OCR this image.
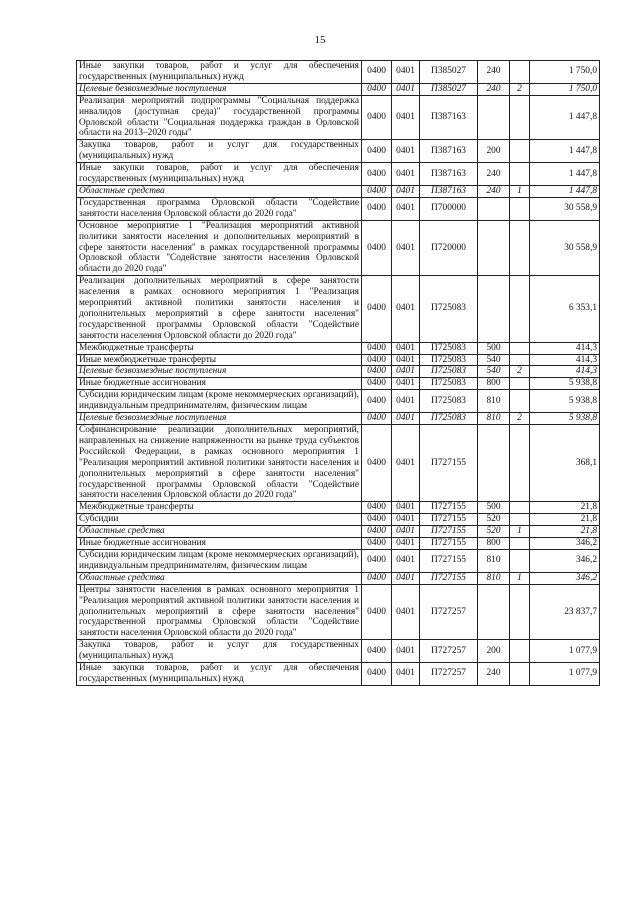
15
Иные закупки товаров, работ и услуг для обеспечения государственных (муниципальных) нужд	0400	0401	П385027	240		1 750,0
Целевые безвозмездные поступления	0400	0401	П385027	240	2	1 750,0
Реализация мероприятий подпрограммы "Социальная поддержка инвалидов (доступная среда)" государственной программы Орловской области "Социальная поддержка граждан в Орловской области на 2013–2020 годы"	0400	0401	П387163			1 447,8
Закупка товаров, работ и услуг для государственных (муниципальных) нужд	0400	0401	П387163	200		1 447,8
Иные закупки товаров, работ и услуг для обеспечения государственных (муниципальных) нужд	0400	0401	П387163	240		1 447,8
Областные средства	0400	0401	П387163	240	1	1 447,8
Государственная программа Орловской области "Содействие занятости населения Орловской области до 2020 года"	0400	0401	П700000			30 558,9
Основное мероприятие 1 "Реализация мероприятий активной политики занятости населения и дополнительных мероприятий в сфере занятости населения" в рамках государственной программы Орловской области "Содействие занятости населения Орловской области до 2020 года"	0400	0401	П720000			30 558,9
Реализация дополнительных мероприятий в сфере занятости населения в рамках основного мероприятия 1 "Реализация мероприятий активной политики занятости населения и дополнительных мероприятий в сфере занятости населения" государственной программы Орловской области "Содействие занятости населения Орловской области до 2020 года"	0400	0401	П725083			6 353,1
Межбюджетные трансферты	0400	0401	П725083	500		414,3
Иные межбюджетные трансферты	0400	0401	П725083	540		414,3
Целевые безвозмездные поступления	0400	0401	П725083	540	2	414,3
Иные бюджетные ассигнования	0400	0401	П725083	800		5 938,8
Субсидии юридическим лицам (кроме некоммерческих организаций), индивидуальным предпринимателям, физическим лицам	0400	0401	П725083	810		5 938,8
Целевые безвозмездные поступления	0400	0401	П725083	810	2	5 938,8
Софинансирование реализации дополнительных мероприятий, направленных на снижение напряженности на рынке труда субъектов Российской Федерации, в рамках основного мероприятия 1 "Реализация мероприятий активной политики занятости населения и дополнительных мероприятий в сфере занятости населения" государственной программы Орловской области "Содействие занятости населения Орловской области до 2020 года"	0400	0401	П727155			368,1
Межбюджетные трансферты	0400	0401	П727155	500		21,8
Субсидии	0400	0401	П727155	520		21,8
Областные средства	0400	0401	П727155	520	1	21,8
Иные бюджетные ассигнования	0400	0401	П727155	800		346,2
Субсидии юридическим лицам (кроме некоммерческих организаций), индивидуальным предпринимателям, физическим лицам	0400	0401	П727155	810		346,2
Областные средства	0400	0401	П727155	810	1	346,2
Центры занятости населения в рамках основного мероприятия 1 "Реализация мероприятий активной политики занятости населения и дополнительных мероприятий в сфере занятости населения" государственной программы Орловской области "Содействие занятости населения Орловской области до 2020 года"	0400	0401	П727257			23 837,7
Закупка товаров, работ и услуг для государственных (муниципальных) нужд	0400	0401	П727257	200		1 077,9
Иные закупки товаров, работ и услуг для обеспечения государственных (муниципальных) нужд	0400	0401	П727257	240		1 077,9
